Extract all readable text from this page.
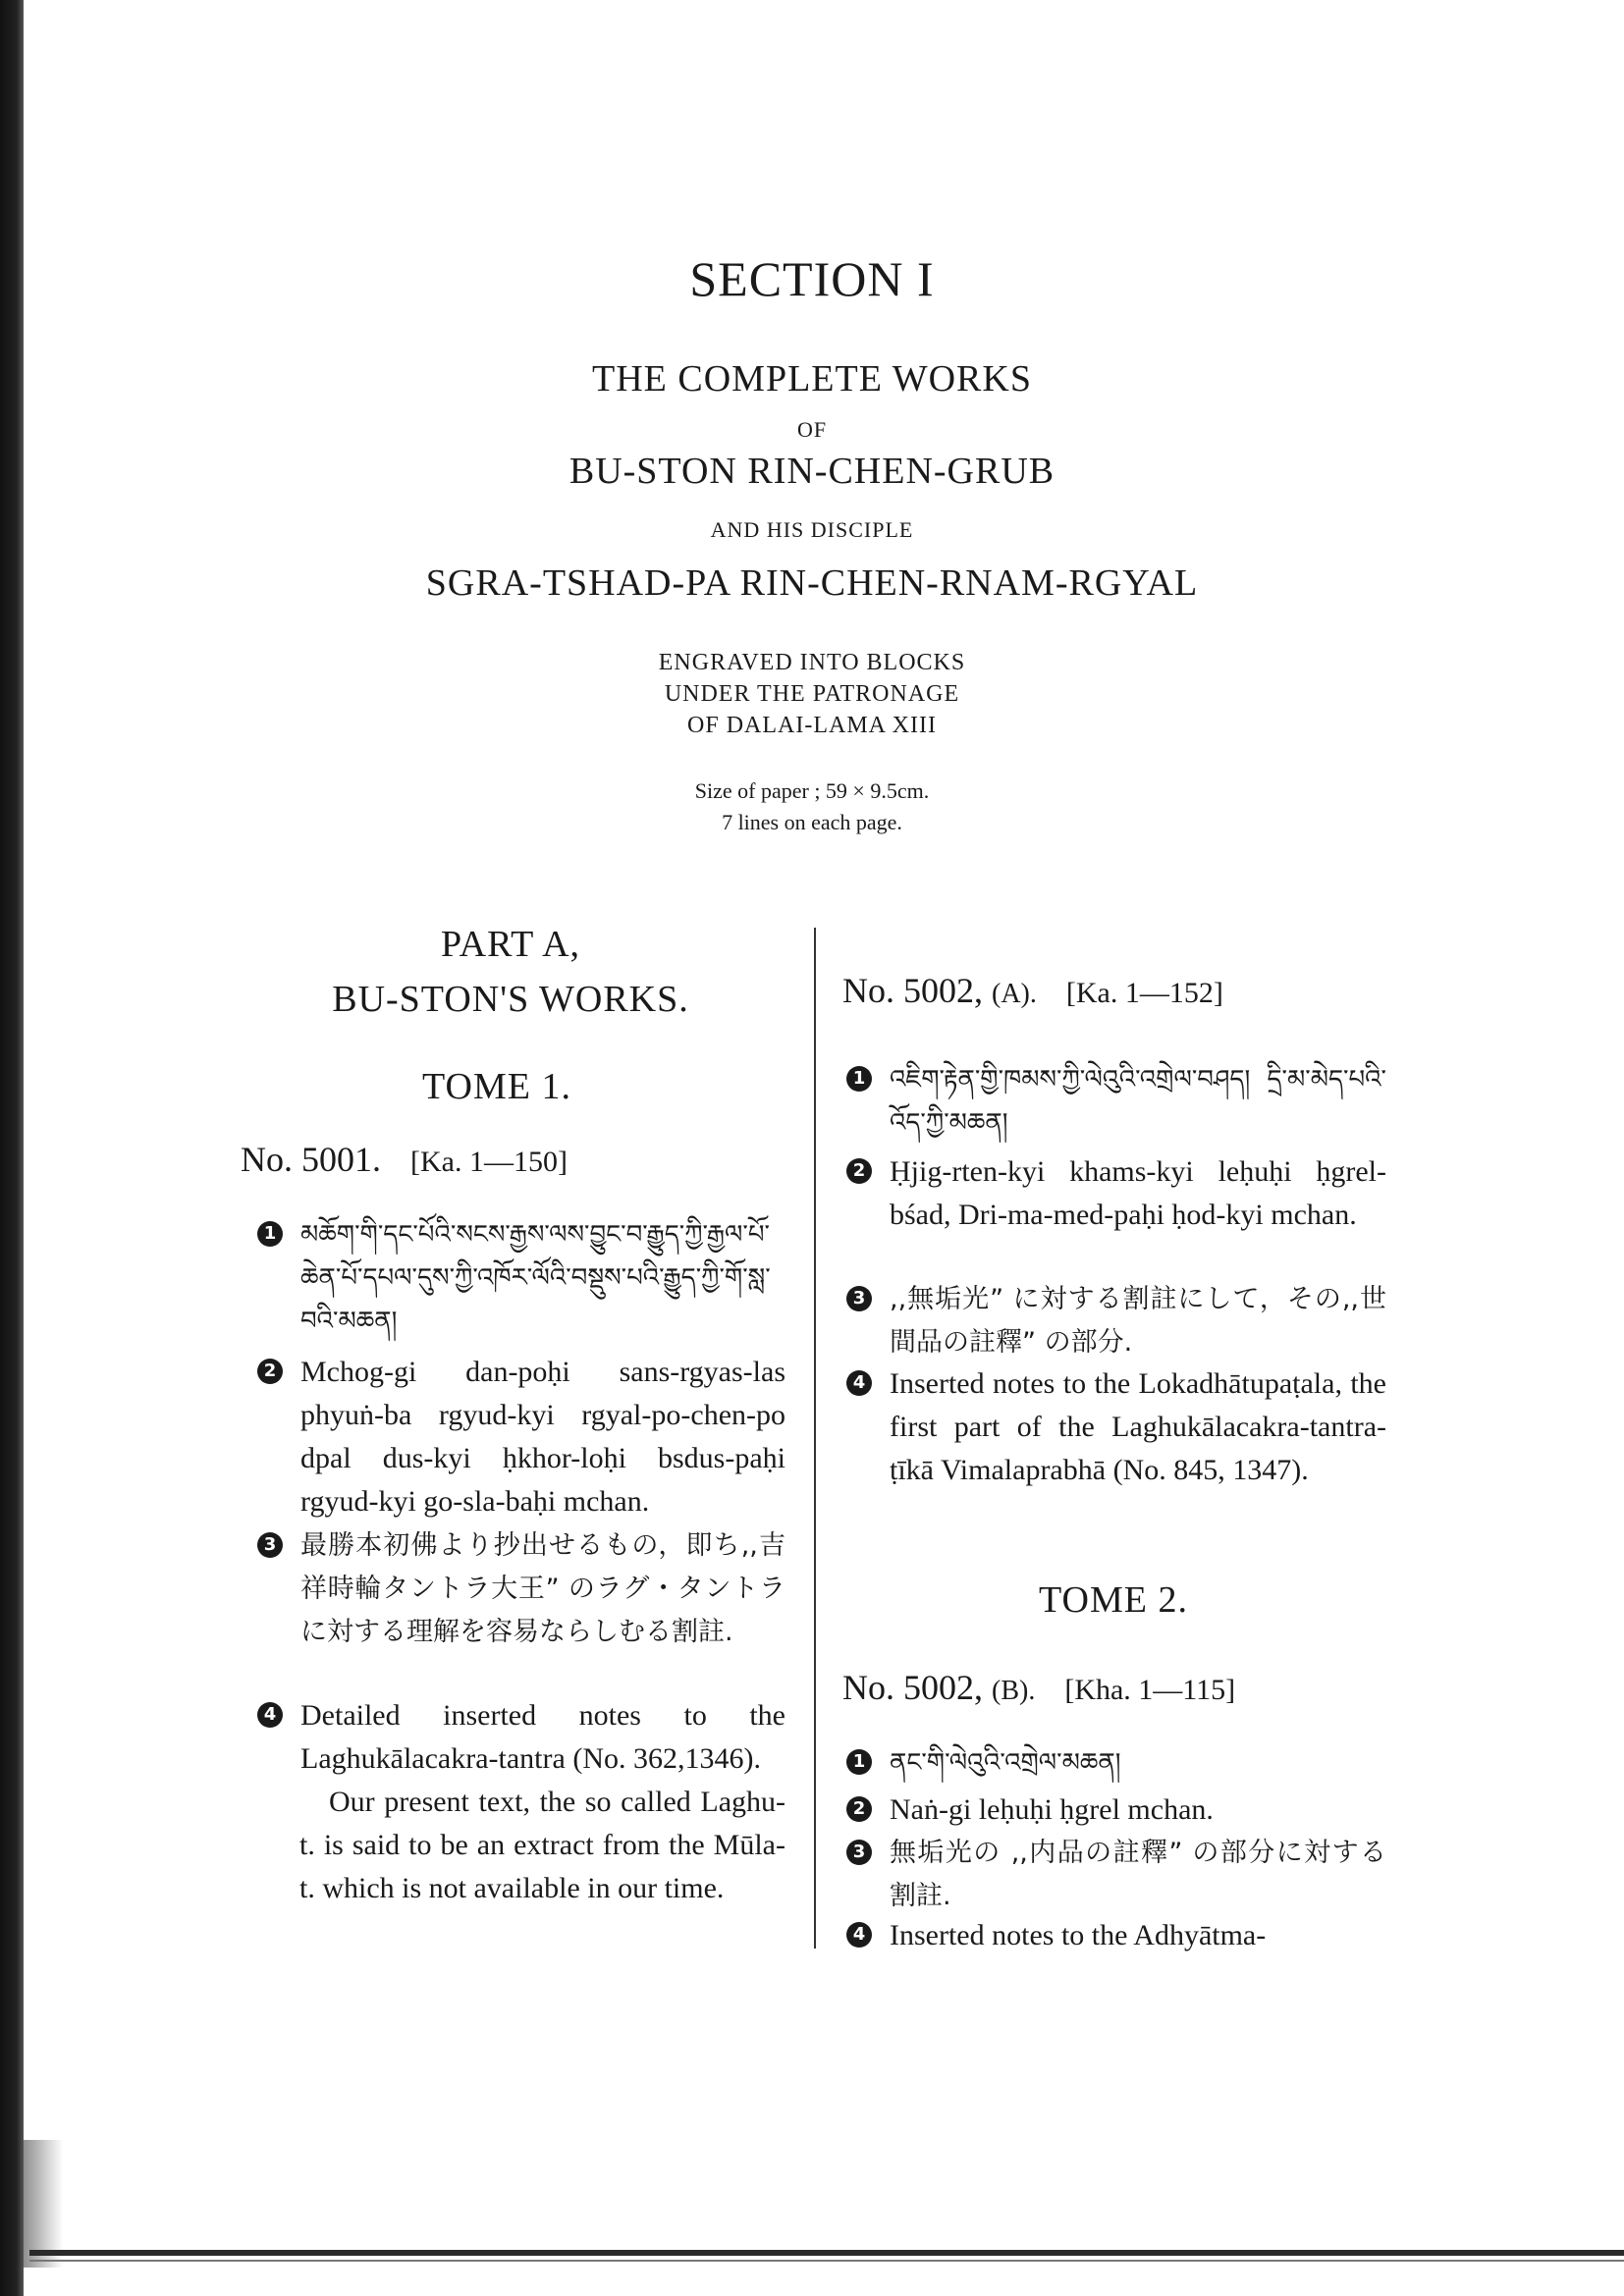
SECTION I
THE COMPLETE WORKS
OF
BU-STON RIN-CHEN-GRUB
AND HIS DISCIPLE
SGRA-TSHAD-PA RIN-CHEN-RNAM-RGYAL
ENGRAVED INTO BLOCKS
UNDER THE PATRONAGE
OF DALAI-LAMA XIII
Size of paper ; 59 × 9.5cm.
7 lines on each page.
PART A,
BU-STON'S WORKS.
TOME 1.
No. 5001. [Ka. 1—150]
1 མཆོག་གི་དང་པོའི་སངས་རྒྱས་ལས་བྱུང་བ་རྒྱུད་ཀྱི་རྒྱལ་པོ་ཆེན་པོ་དཔལ་དུས་ཀྱི་འཁོར་ལོའི་བསྡུས་པའི་རྒྱུད་ཀྱི་གོ་སླ་བའི་མཆན།
2 Mchog-gi dan-poḥi sans-rgyas-las phyuṅ-ba rgyud-kyi rgyal-po-chen-po dpal dus-kyi ḥkhor-loḥi bsdus-paḥi rgyud-kyi go-sla-baḥi mchan.
3 最勝本初佛より抄出せるもの，即ち,,吉祥時輪タントラ大王” のラグ・タントラに対する理解を容易ならしむる割註.
4 Detailed inserted notes to the Laghukālacakra-tantra (No. 362,1346).
Our present text, the so called Laghu-t. is said to be an extract from the Mūla-t. which is not available in our time.
No. 5002, (A). [Ka. 1—152]
1 འཇིག་རྟེན་གྱི་ཁམས་ཀྱི་ལེའུའི་འགྲེལ་བཤད། དྲི་མ་མེད་པའི་འོད་ཀྱི་མཆན།
2 Ḥjig-rten-kyi khams-kyi leḥuḥi ḥgrel-bśad, Dri-ma-med-paḥi ḥod-kyi mchan.
3 ,,無垢光” に対する割註にして，その,,世間品の註釋” の部分.
4 Inserted notes to the Lokadhātupaṭala, the first part of the Laghukālacakra-tantra-ṭīkā Vimalaprabhā (No. 845, 1347).
TOME 2.
No. 5002, (B). [Kha. 1—115]
1 ནང་གི་ལེའུའི་འགྲེལ་མཆན།
2 Naṅ-gi leḥuḥi ḥgrel mchan.
3 無垢光の ,,内品の註釋” の部分に対する割註.
4 Inserted notes to the Adhyātma-
